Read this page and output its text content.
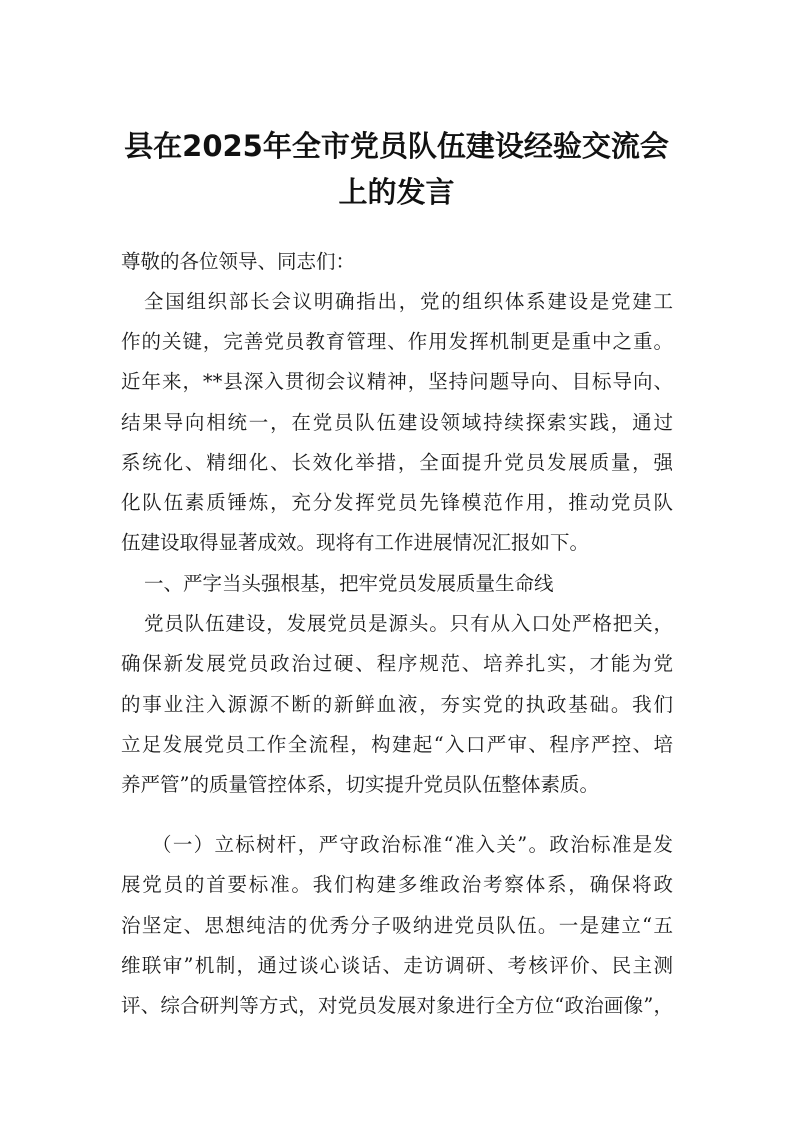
县在2025年全市党员队伍建设经验交流会
上的发言
尊敬的各位领导、同志们：
全国组织部长会议明确指出，党的组织体系建设是党建工
作的关键，完善党员教育管理、作用发挥机制更是重中之重。
近年来，**县深入贯彻会议精神，坚持问题导向、目标导向、
结果导向相统一，在党员队伍建设领域持续探索实践，通过
系统化、精细化、长效化举措，全面提升党员发展质量，强
化队伍素质锤炼，充分发挥党员先锋模范作用，推动党员队
伍建设取得显著成效。现将有工作进展情况汇报如下。
一、严字当头强根基，把牢党员发展质量生命线
党员队伍建设，发展党员是源头。只有从入口处严格把关，
确保新发展党员政治过硬、程序规范、培养扎实，才能为党
的事业注入源源不断的新鲜血液，夯实党的执政基础。我们
立足发展党员工作全流程，构建起“入口严审、程序严控、培
养严管”的质量管控体系，切实提升党员队伍整体素质。
（一）立标树杆，严守政治标准“准入关”。政治标准是发
展党员的首要标准。我们构建多维政治考察体系，确保将政
治坚定、思想纯洁的优秀分子吸纳进党员队伍。一是建立“五
维联审”机制，通过谈心谈话、走访调研、考核评价、民主测
评、综合研判等方式，对党员发展对象进行全方位“政治画像”，
